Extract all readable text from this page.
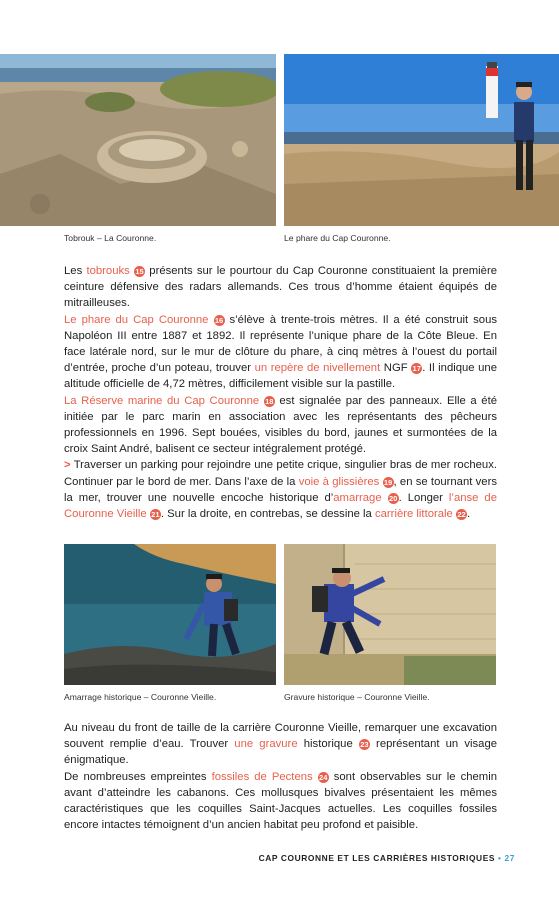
Tobrouk – La Couronne.	Le phare du Cap Couronne.

Les tobrouks 15 présents sur le pourtour du Cap Couronne constituaient la première ceinture défensive des radars allemands. Ces trous d’homme étaient équipés de mitrailleuses.

Le phare du Cap Couronne 16 s’élève à trente-trois mètres. Il a été construit sous Napoléon III entre 1887 et 1892. Il représente l’unique phare de la Côte Bleue. En face latérale nord, sur le mur de clôture du phare, à cinq mètres à l’ouest du portail d’entrée, proche d’un poteau, trouver un repère de nivellement NGF 17. Il indique une altitude officielle de 4,72 mètres, difficilement visible sur la pastille.

La Réserve marine du Cap Couronne 18 est signalée par des panneaux. Elle a été initiée par le parc marin en association avec les représentants des pêcheurs professionnels en 1996. Sept bouées, visibles du bord, jaunes et surmontées de la croix Saint André, balisent ce secteur intégralement protégé.

> Traverser un parking pour rejoindre une petite crique, singulier bras de mer rocheux. Continuer par le bord de mer. Dans l’axe de la voie à glissières 19, en se tournant vers la mer, trouver une nouvelle encoche historique d’amarrage 20. Longer l’anse de Couronne Vieille 21. Sur la droite, en contrebas, se dessine la carrière littorale 22.

Amarrage historique – Couronne Vieille.	Gravure historique – Couronne Vieille.

Au niveau du front de taille de la carrière Couronne Vieille, remarquer une excavation souvent remplie d’eau. Trouver une gravure historique 23 représentant un visage énigmatique.

De nombreuses empreintes fossiles de Pectens 24 sont observables sur le chemin avant d’atteindre les cabanons. Ces mollusques bivalves présentaient les mêmes caractéristiques que les coquilles Saint-Jacques actuelles. Les coquilles fossiles encore intactes témoignent d’un ancien habitat peu profond et paisible.

CAP COURONNE ET LES CARRIÈRES HISTORIQUES • 27
